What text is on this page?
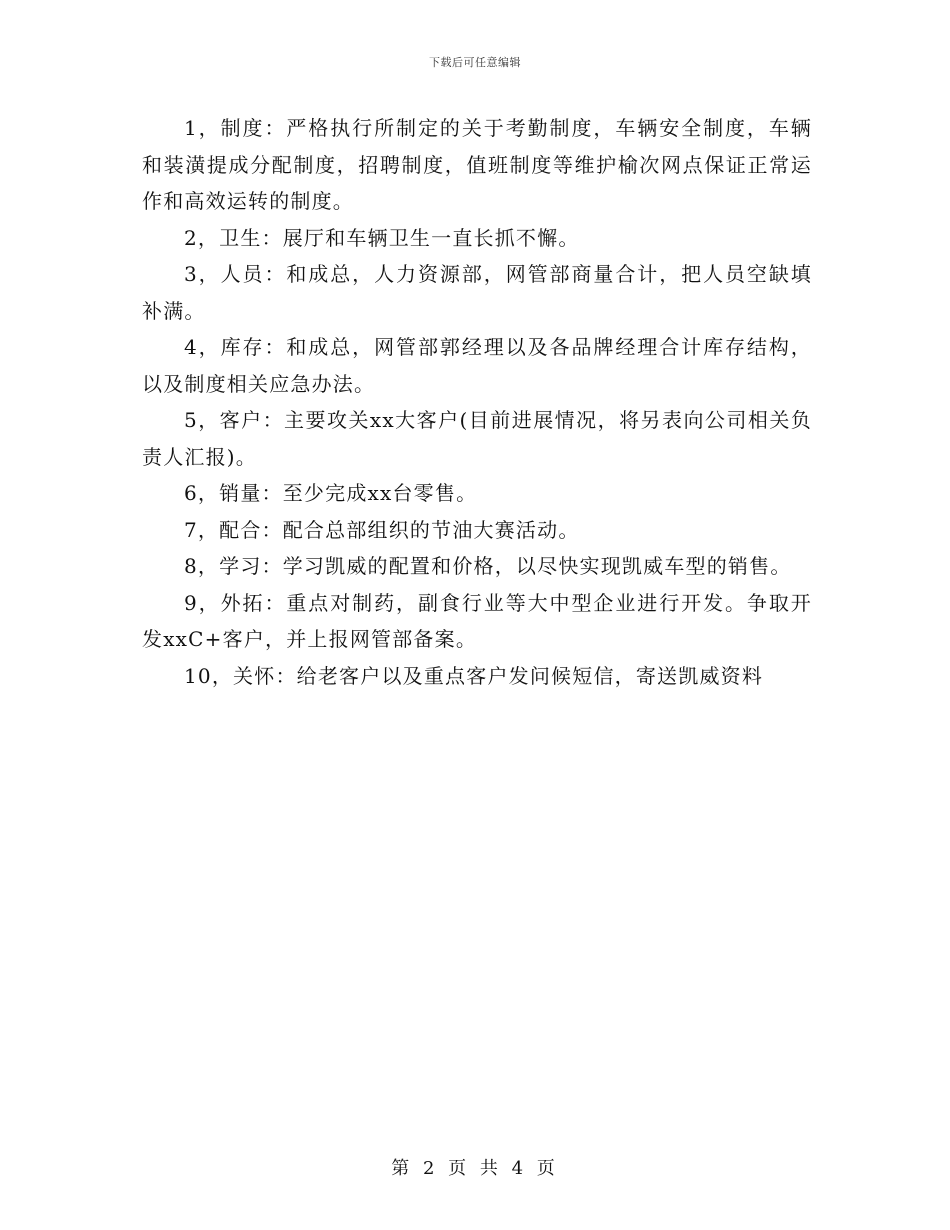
下载后可任意编辑

1，制度：严格执行所制定的关于考勤制度，车辆安全制度，车辆和装潢提成分配制度，招聘制度，值班制度等维护榆次网点保证正常运作和高效运转的制度。

2，卫生：展厅和车辆卫生一直长抓不懈。

3，人员：和成总，人力资源部，网管部商量合计，把人员空缺填补满。

4，库存：和成总，网管部郭经理以及各品牌经理合计库存结构，以及制度相关应急办法。

5，客户：主要攻关xx大客户(目前进展情况，将另表向公司相关负责人汇报)。

6，销量：至少完成xx台零售。

7，配合：配合总部组织的节油大赛活动。

8，学习：学习凯威的配置和价格，以尽快实现凯威车型的销售。

9，外拓：重点对制药，副食行业等大中型企业进行开发。争取开发xxC+客户，并上报网管部备案。

10，关怀：给老客户以及重点客户发问候短信，寄送凯威资料

第 2 页 共 4 页
